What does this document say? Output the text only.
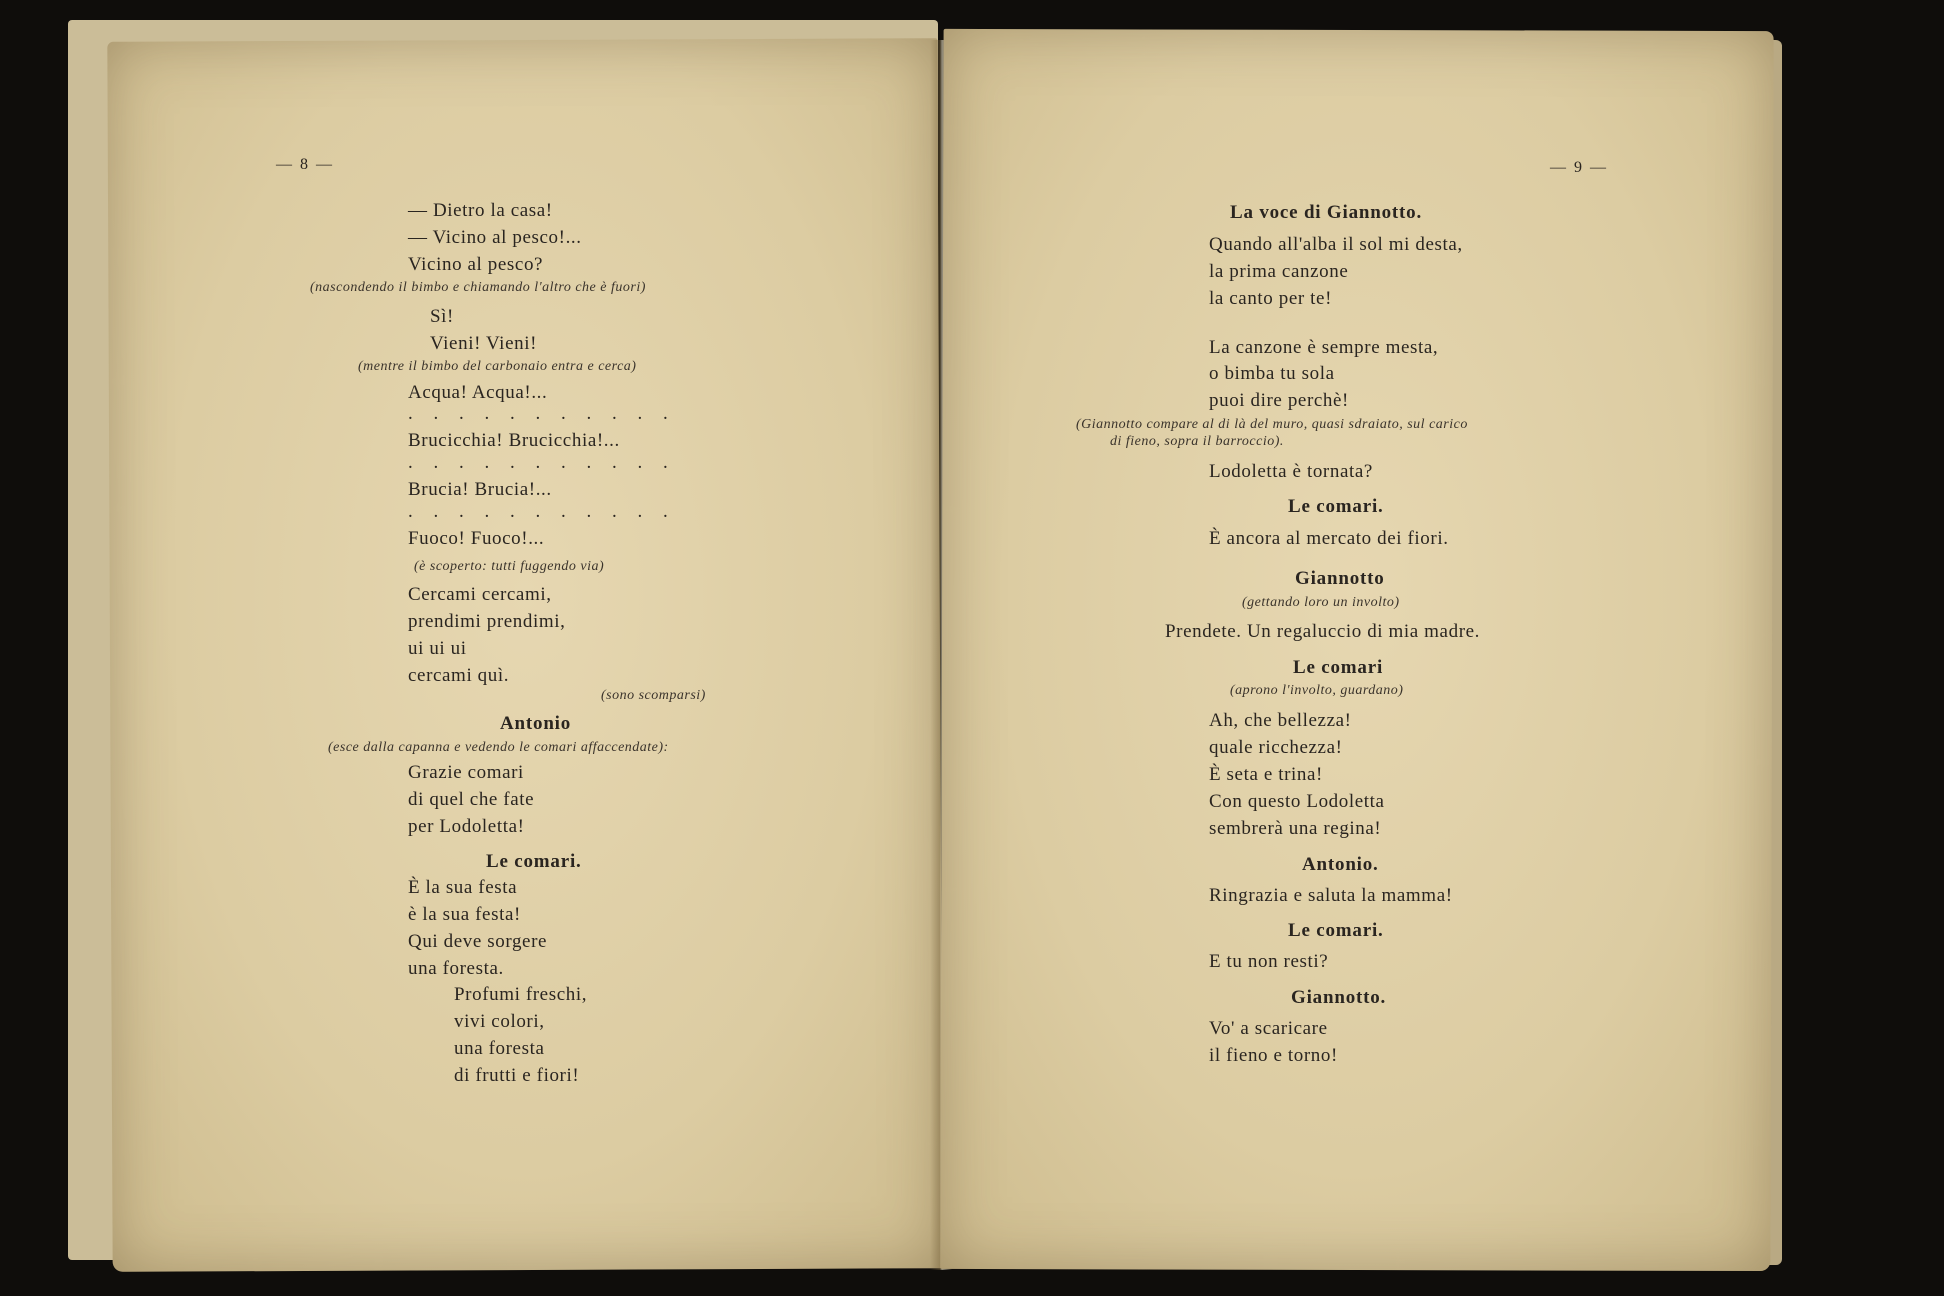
— 8 —
— Dietro la casa!
— Vicino al pesco!...
Vicino al pesco?
(nascondendo il bimbo e chiamando l'altro che è fuori)
Sì!
Vieni! Vieni!
(mentre il bimbo del carbonaio entra e cerca)
Acqua! Acqua!...
. . . . . . . . . . .
Brucicchia! Brucicchia!...
. . . . . . . . . . .
Brucia! Brucia!...
. . . . . . . . . . .
Fuoco! Fuoco!...
(è scoperto: tutti fuggendo via)
Cercami cercami,
prendimi prendimi,
ui ui ui
cercami quì.
(sono scomparsi)
Antonio
(esce dalla capanna e vedendo le comari affaccendate):
Grazie comari
di quel che fate
per Lodoletta!
Le comari.
È la sua festa
è la sua festa!
Qui deve sorgere
una foresta.
Profumi freschi,
vivi colori,
una foresta
di frutti e fiori!
— 9 —
La voce di Giannotto.
Quando all'alba il sol mi desta,
la prima canzone
la canto per te!
La canzone è sempre mesta,
o bimba tu sola
puoi dire perchè!
(Giannotto compare al di là del muro, quasi sdraiato, sul carico
di fieno, sopra il barroccio).
Lodoletta è tornata?
Le comari.
È ancora al mercato dei fiori.
Giannotto
(gettando loro un involto)
Prendete. Un regaluccio di mia madre.
Le comari
(aprono l'involto, guardano)
Ah, che bellezza!
quale ricchezza!
È seta e trina!
Con questo Lodoletta
sembrerà una regina!
Antonio.
Ringrazia e saluta la mamma!
Le comari.
E tu non resti?
Giannotto.
Vo' a scaricare
il fieno e torno!
